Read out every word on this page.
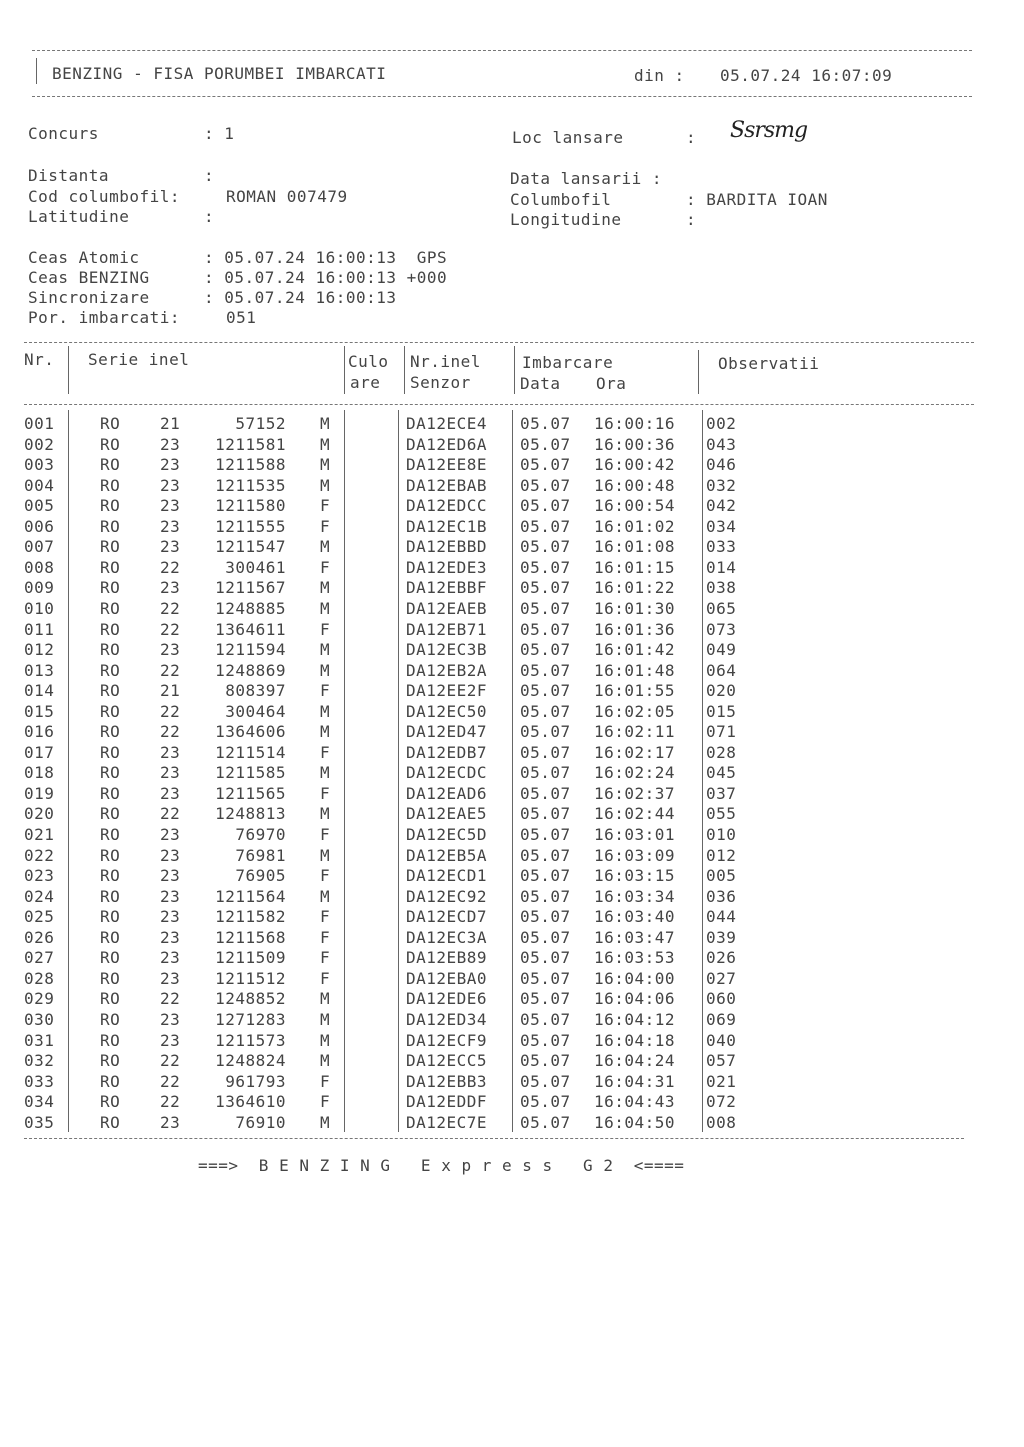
BENZING - FISA PORUMBEI IMBARCATI	din : 05.07.24 16:07:09
Concurs	: 1	Loc lansare	: Ssrsmg
Distanta	:	Data lansarii :
Cod columbofil:	ROMAN 007479	Columbofil	: BARDITA IOAN
Latitudine	:	Longitudine	:
Ceas Atomic	: 05.07.24 16:00:13  GPS
Ceas BENZING	: 05.07.24 16:00:13 +000
Sincronizare	: 05.07.24 16:00:13
Por. imbarcati:	051
Nr. Serie inel	Culo
are
Nr.inel
Senzor
Imbarcare
Data Ora
Observatii
001	RO 21	57152 M	DA12ECE4 05.07 16:00:16 002
002	RO 23 1211581 M	DA12ED6A 05.07 16:00:36 043
003	RO 23 1211588 M	DA12EE8E 05.07 16:00:42 046
004	RO 23 1211535 M	DA12EBAB 05.07 16:00:48 032
005	RO 23 1211580 F	DA12EDCC 05.07 16:00:54 042
006	RO 23 1211555 F	DA12EC1B 05.07 16:01:02 034
007	RO 23 1211547 M	DA12EBBD 05.07 16:01:08 033
008	RO 22	300461 F	DA12EDE3 05.07 16:01:15 014
009	RO 23 1211567 M	DA12EBBF 05.07 16:01:22 038
010	RO 22 1248885 M	DA12EAEB 05.07 16:01:30 065
011	RO 22 1364611 F	DA12EB71 05.07 16:01:36 073
012	RO 23 1211594 M	DA12EC3B 05.07 16:01:42 049
013	RO 22 1248869 M	DA12EB2A 05.07 16:01:48 064
014	RO 21	808397 F	DA12EE2F 05.07 16:01:55 020
015	RO 22	300464 M	DA12EC50 05.07 16:02:05 015
016	RO 22 1364606 M	DA12ED47 05.07 16:02:11 071
017	RO 23 1211514 F	DA12EDB7 05.07 16:02:17 028
018	RO 23 1211585 M	DA12ECDC 05.07 16:02:24 045
019	RO 23 1211565 F	DA12EAD6 05.07 16:02:37 037
020	RO 22 1248813 M	DA12EAE5 05.07 16:02:44 055
021	RO 23	76970 F	DA12EC5D 05.07 16:03:01 010
022	RO 23	76981 M	DA12EB5A 05.07 16:03:09 012
023	RO 23	76905 F	DA12ECD1 05.07 16:03:15 005
024	RO 23 1211564 M	DA12EC92 05.07 16:03:34 036
025	RO 23 1211582 F	DA12ECD7 05.07 16:03:40 044
026	RO 23 1211568 F	DA12EC3A 05.07 16:03:47 039
027	RO 23 1211509 F	DA12EB89 05.07 16:03:53 026
028	RO 23 1211512 F	DA12EBA0 05.07 16:04:00 027
029	RO 22 1248852 M	DA12EDE6 05.07 16:04:06 060
030	RO 23 1271283 M	DA12ED34 05.07 16:04:12 069
031	RO 23 1211573 M	DA12ECF9 05.07 16:04:18 040
032	RO 22 1248824 M	DA12ECC5 05.07 16:04:24 057
033	RO 22	961793 F	DA12EBB3 05.07 16:04:31 021
034	RO 22 1364610 F	DA12EDDF 05.07 16:04:43 072
035	RO 23	76910 M	DA12EC7E 05.07 16:04:50 008
===>  B E N Z I N G   E x p r e s s   G 2  <====
